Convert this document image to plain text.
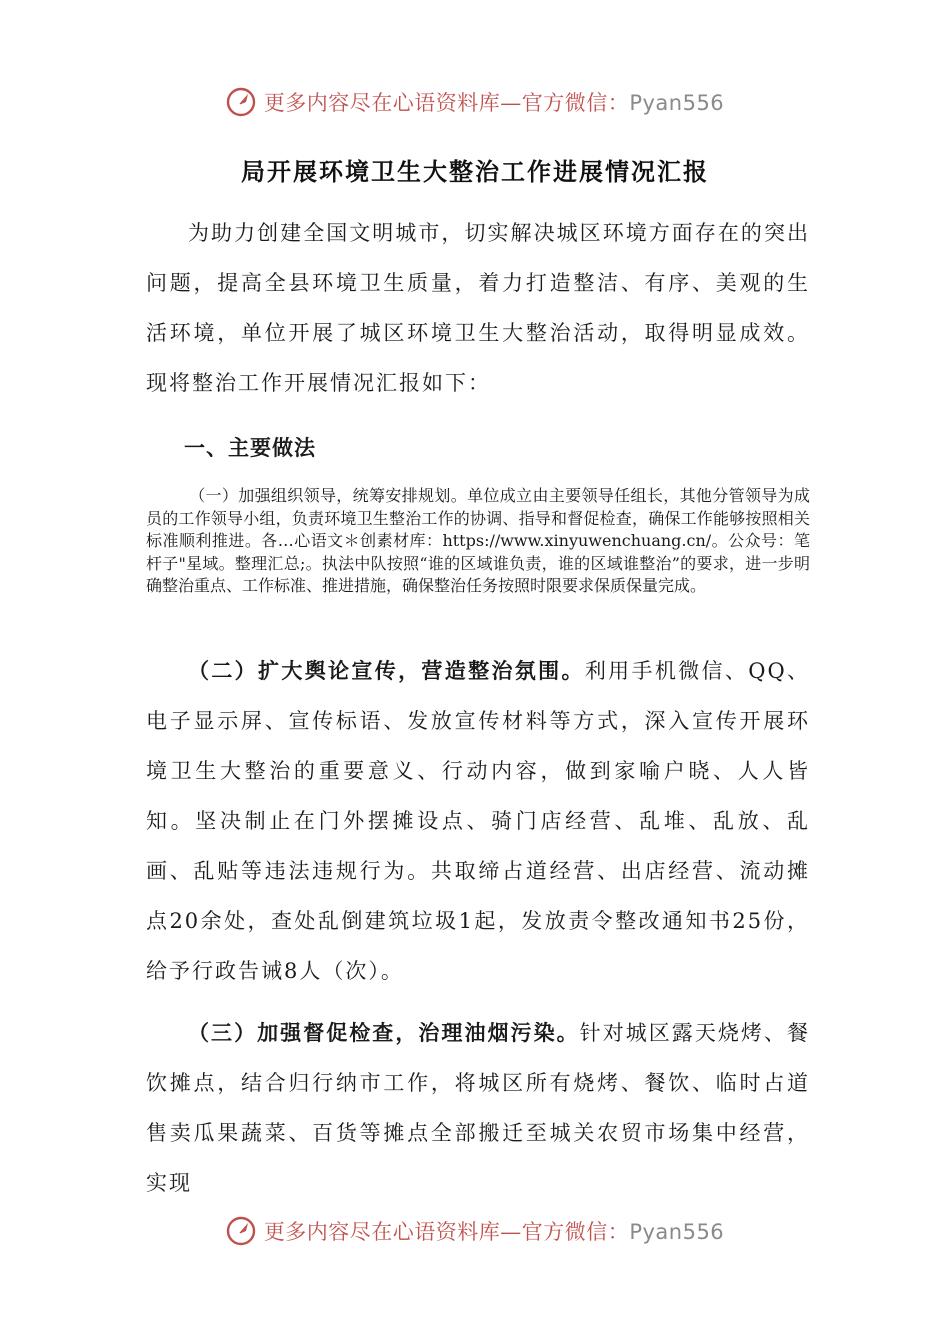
更多内容尽在心语资料库—官方微信：Pyan556
局开展环境卫生大整治工作进展情况汇报

为助力创建全国文明城市，切实解决城区环境方面存在的突出问题，提高全县环境卫生质量，着力打造整洁、有序、美观的生活环境，单位开展了城区环境卫生大整治活动，取得明显成效。现将整治工作开展情况汇报如下：

一、主要做法

（一）加强组织领导，统筹安排规划。单位成立由主要领导任组长，其他分管领导为成员的工作领导小组，负责环境卫生整治工作的协调、指导和督促检查，确保工作能够按照相关标准顺利推进。各…心语文＊创素材库：https://www.xinyuwenchuang.cn/。公众号：笔杆子"星域。整理汇总;。执法中队按照“谁的区域谁负责，谁的区域谁整治”的要求，进一步明确整治重点、工作标准、推进措施，确保整治任务按照时限要求保质保量完成。

（二）扩大舆论宣传，营造整治氛围。利用手机微信、QQ、电子显示屏、宣传标语、发放宣传材料等方式，深入宣传开展环境卫生大整治的重要意义、行动内容，做到家喻户晓、人人皆知。坚决制止在门外摆摊设点、骑门店经营、乱堆、乱放、乱画、乱贴等违法违规行为。共取缔占道经营、出店经营、流动摊点20余处，查处乱倒建筑垃圾1起，发放责令整改通知书25份，给予行政告诫8人（次）。

（三）加强督促检查，治理油烟污染。针对城区露天烧烤、餐饮摊点，结合归行纳市工作，将城区所有烧烤、餐饮、临时占道售卖瓜果蔬菜、百货等摊点全部搬迁至城关农贸市场集中经营，实现

更多内容尽在心语资料库—官方微信：Pyan556
